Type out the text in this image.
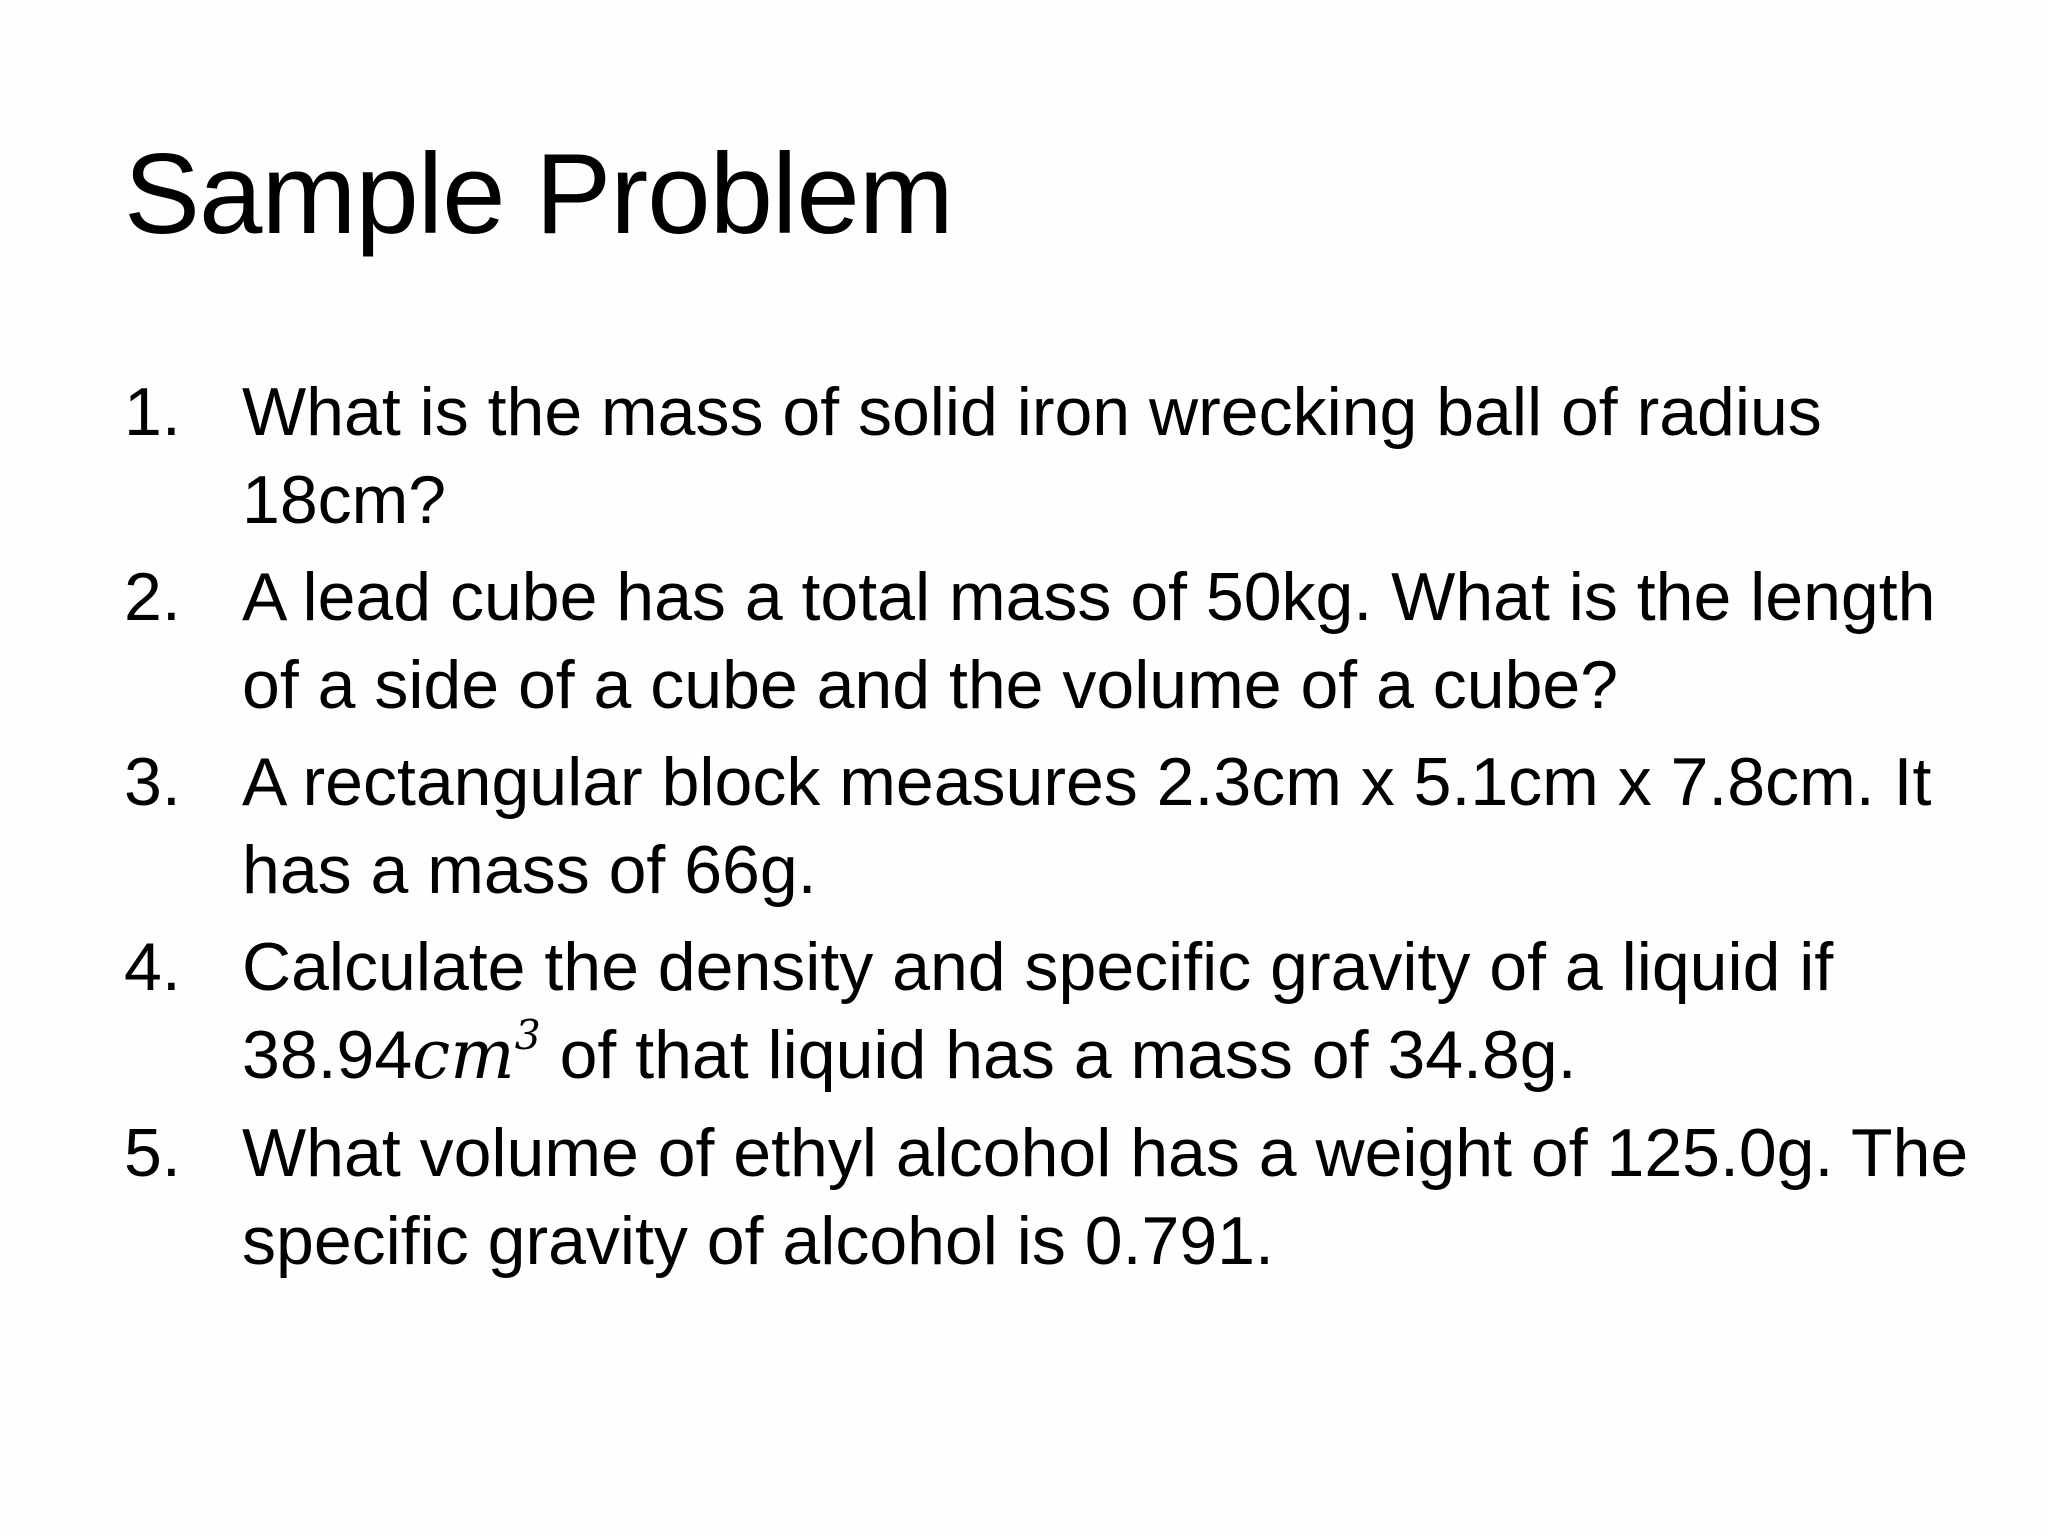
Sample Problem
1. What is the mass of solid iron wrecking ball of radius 18cm?
2. A lead cube has a total mass of 50kg. What is the length of a side of a cube and the volume of a cube?
3. A rectangular block measures 2.3cm x 5.1cm x 7.8cm. It has a mass of 66g.
4. Calculate the density and specific gravity of a liquid if $38.94cm^3$ of that liquid has a mass of 34.8g.
5. What volume of ethyl alcohol has a weight of 125.0g. The specific gravity of alcohol is 0.791.
